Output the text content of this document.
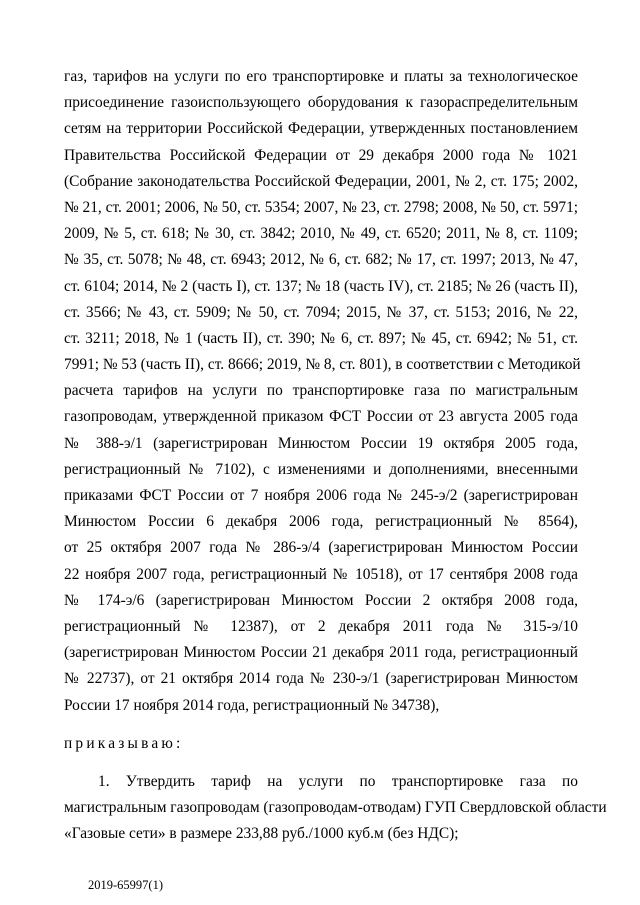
газ, тарифов на услуги по его транспортировке и платы за технологическое
присоединение газоиспользующего оборудования к газораспределительным
сетям на территории Российской Федерации, утвержденных постановлением
Правительства Российской Федерации от 29 декабря 2000 года № 1021
(Собрание законодательства Российской Федерации, 2001, № 2, ст. 175; 2002,
№ 21, ст. 2001; 2006, № 50, ст. 5354; 2007, № 23, ст. 2798; 2008, № 50, ст. 5971;
2009, № 5, ст. 618; № 30, ст. 3842; 2010, № 49, ст. 6520; 2011, № 8, ст. 1109;
№ 35, ст. 5078; № 48, ст. 6943; 2012, № 6, ст. 682; № 17, ст. 1997; 2013, № 47,
ст. 6104; 2014, № 2 (часть I), ст. 137; № 18 (часть IV), ст. 2185; № 26 (часть II),
ст. 3566; № 43, ст. 5909; № 50, ст. 7094; 2015, № 37, ст. 5153; 2016, № 22,
ст. 3211; 2018, № 1 (часть II), ст. 390; № 6, ст. 897; № 45, ст. 6942; № 51, ст.
7991; № 53 (часть II), ст. 8666; 2019, № 8, ст. 801), в соответствии с Методикой
расчета тарифов на услуги по транспортировке газа по магистральным
газопроводам, утвержденной приказом ФСТ России от 23 августа 2005 года
№ 388-э/1 (зарегистрирован Минюстом России 19 октября 2005 года,
регистрационный № 7102), с изменениями и дополнениями, внесенными
приказами ФСТ России от 7 ноября 2006 года № 245-э/2 (зарегистрирован
Минюстом России 6 декабря 2006 года, регистрационный № 8564),
от 25 октября 2007 года № 286-э/4 (зарегистрирован Минюстом России
22 ноября 2007 года, регистрационный № 10518), от 17 сентября 2008 года
№ 174-э/6 (зарегистрирован Минюстом России 2 октября 2008 года,
регистрационный № 12387), от 2 декабря 2011 года № 315-э/10
(зарегистрирован Минюстом России 21 декабря 2011 года, регистрационный
№ 22737), от 21 октября 2014 года № 230-э/1 (зарегистрирован Минюстом
России 17 ноября 2014 года, регистрационный № 34738),
приказываю:
1. Утвердить тариф на услуги по транспортировке газа по
магистральным газопроводам (газопроводам-отводам) ГУП Свердловской области
«Газовые сети» в размере 233,88 руб./1000 куб.м (без НДС);
2019-65997(1)
